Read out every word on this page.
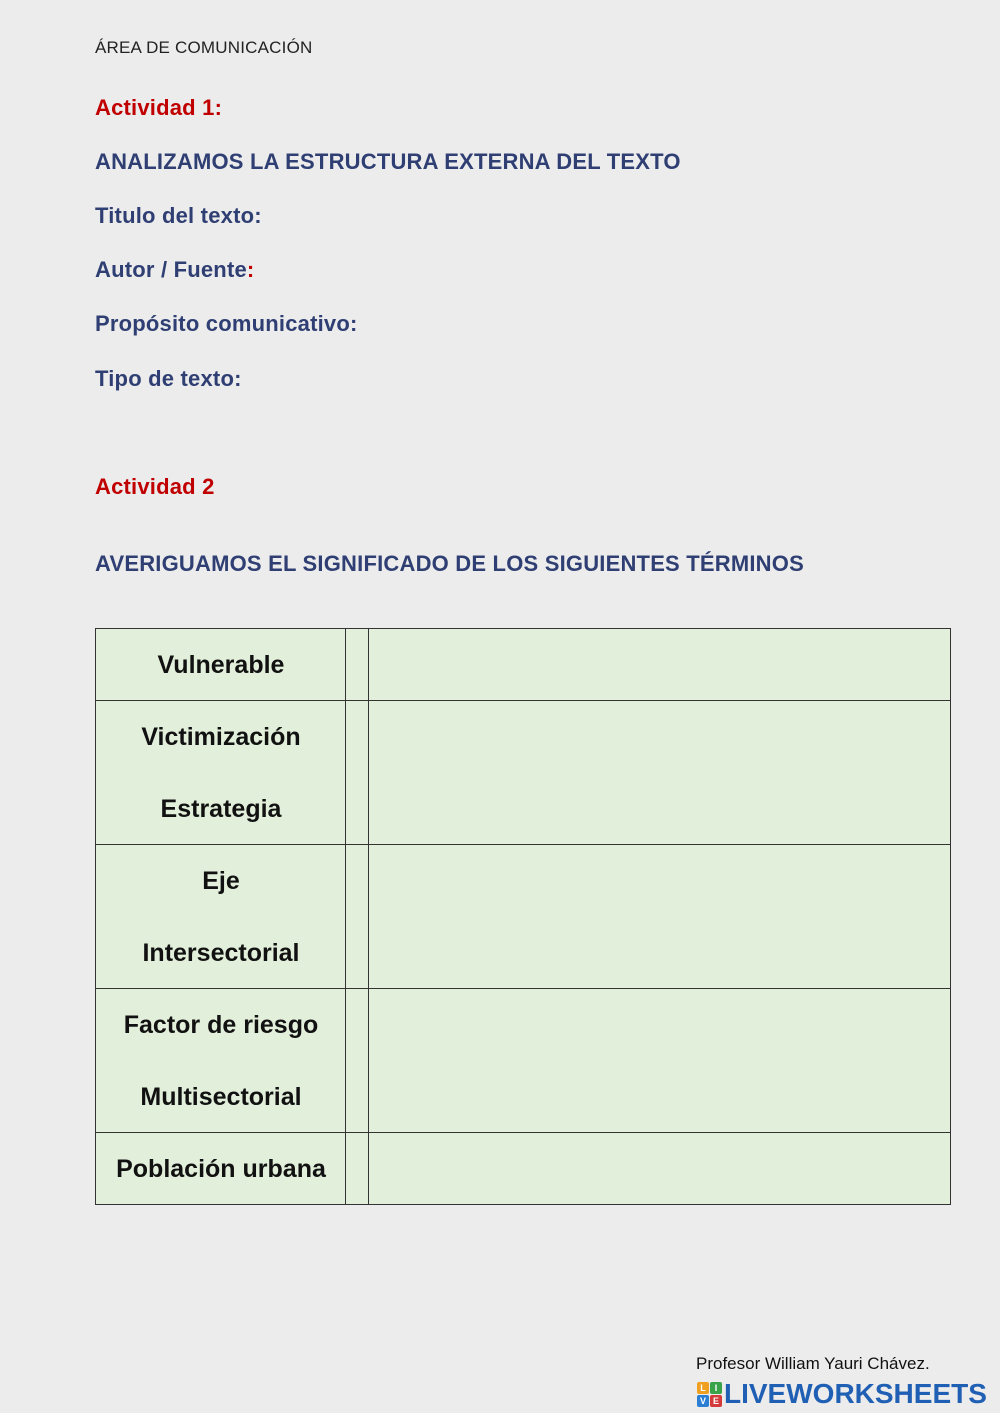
ÁREA DE COMUNICACIÓN
Actividad 1:
ANALIZAMOS LA ESTRUCTURA EXTERNA DEL TEXTO
Titulo del texto:
Autor / Fuente:
Propósito comunicativo:
Tipo de texto:
Actividad 2
AVERIGUAMOS EL SIGNIFICADO DE LOS SIGUIENTES TÉRMINOS
Vulnerable
Victimización
Estrategia
Eje
Intersectorial
Factor de riesgo
Multisectorial
Población urbana
Profesor William Yauri Chávez.
L I
V E LIVEWORKSHEETS
